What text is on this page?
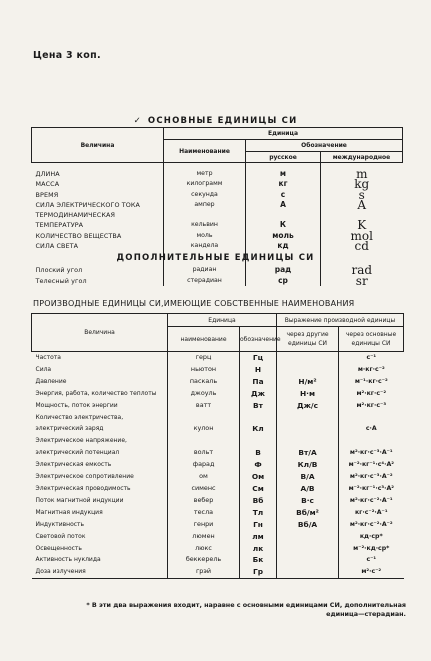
Цена 3 коп.
✓ ОСНОВНЫЕ ЕДИНИЦЫ СИ
Величина	Единица		
	Наименование	Обозначение	
		русское	международное

ДЛИНА	метр	м	m
МАССА	килограмм	кг	kg
ВРЕМЯ	секунда	с	s
СИЛА ЭЛЕКТРИЧЕСКОГО ТОКА	ампер	А	A
ТЕРМОДИНАМИЧЕСКАЯ			
ТЕМПЕРАТУРА	кельвин	К	K
КОЛИЧЕСТВО ВЕЩЕСТВА	моль	моль	mol
СИЛА СВЕТА	кандела	кд	cd

Плоский угол	радиан	рад	rad
Телесный угол	стерадиан	ср	sr
ДОПОЛНИТЕЛЬНЫЕ ЕДИНИЦЫ СИ
ПРОИЗВОДНЫЕ ЕДИНИЦЫ СИ,ИМЕЮЩИЕ СОБСТВЕННЫЕ НАИМЕНОВАНИЯ
Величина	Единица		Выражение производной единицы	
	наименование	обозначение	через другие единицы СИ	через основные единицы СИ
Частота	герц	Гц		с⁻¹
Сила	ньютон	Н		м·кг·с⁻²
Давление	паскаль	Па	Н/м²	м⁻¹·кг·с⁻²
Энергия, работа, количество теплоты	джоуль	Дж	Н·м	м²·кг·с⁻²
Мощность, поток энергии	ватт	Вт	Дж/с	м²·кг·с⁻³
Количество электричества,				
электрический заряд	кулон	Кл		с·А
Электрическое напряжение,				
электрический потенциал	вольт	В	Вт/А	м²·кг·с⁻³·А⁻¹
Электрическая емкость	фарад	Ф	Кл/В	м⁻²·кг⁻¹·с⁴·А²
Электрическое сопротивление	ом	Ом	В/А	м²·кг·с⁻³·А⁻²
Электрическая проводимость	сименс	См	А/В	м⁻²·кг⁻¹·с³·А²
Поток магнитной индукции	вебер	Вб	В·с	м²·кг·с⁻²·А⁻¹
Магнитная индукция	тесла	Тл	Вб/м²	кг·с⁻²·А⁻¹
Индуктивность	генри	Гн	Вб/А	м²·кг·с⁻²·А⁻²
Световой поток	люмен	лм		кд·ср*
Освещенность	люкс	лк		м⁻²·кд·ср*
Активность нуклида	беккерель	Бк		с⁻¹
Доза излучения	грэй	Гр		м²·с⁻²
* В эти два выражения входит, наравне с основными единицами СИ, дополнительная единица—стерадиан.
